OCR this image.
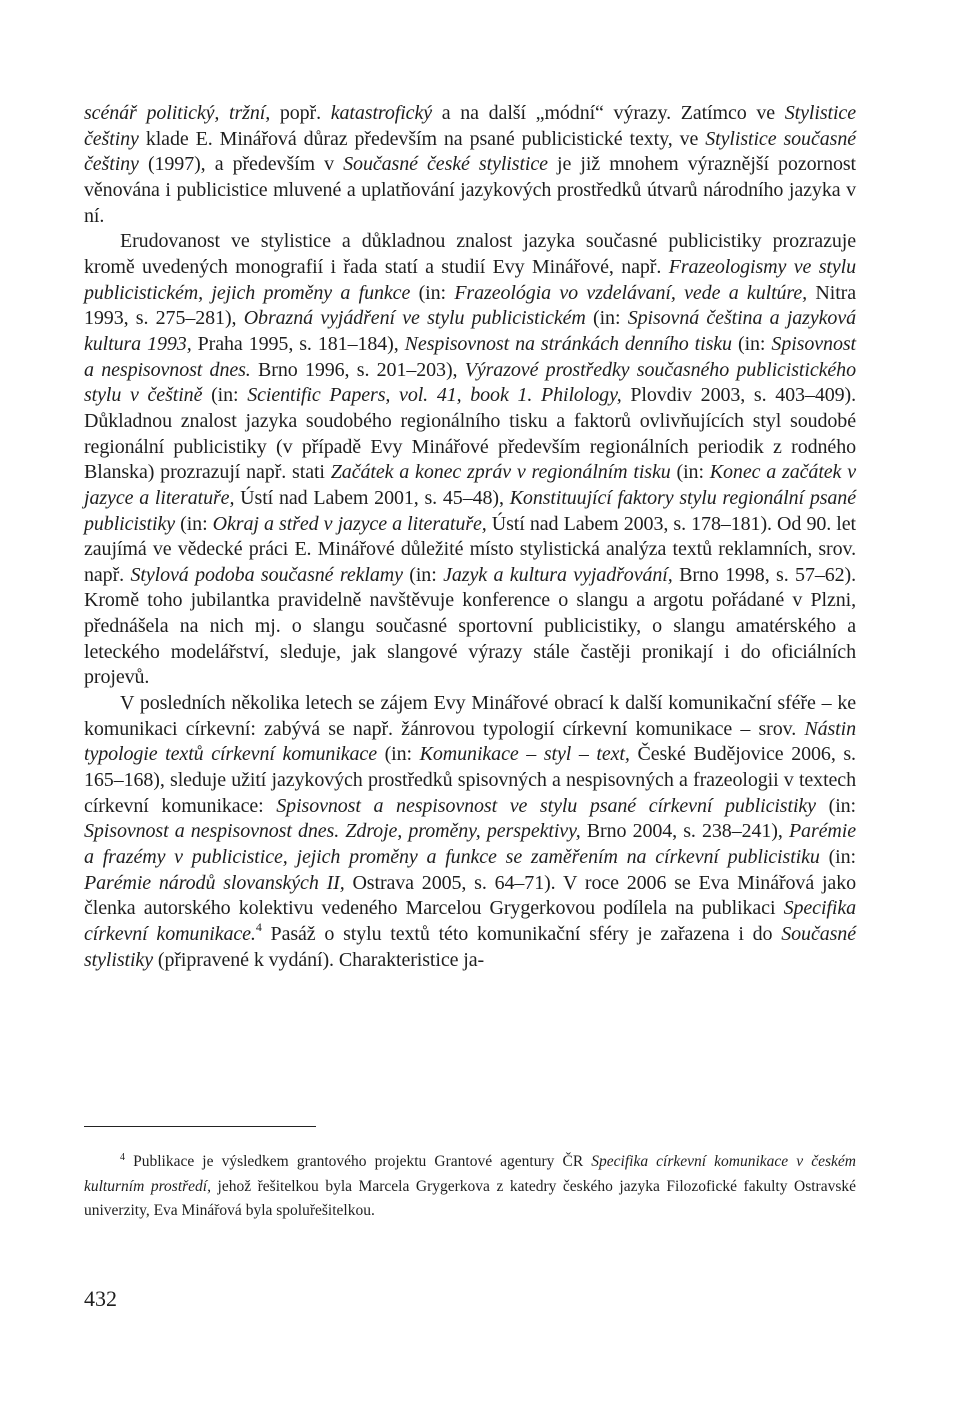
scénář politický, tržní, popř. katastrofický a na další „módní“ výrazy. Zatímco ve Stylistice češtiny klade E. Minářová důraz především na psané publicistické texty, ve Stylistice současné češtiny (1997), a především v Současné české stylistice je již mnohem výraznější pozornost věnována i publicistice mluvené a uplatňování jazykových prostředků útvarů národního jazyka v ní.

Erudovanost ve stylistice a důkladnou znalost jazyka současné publicistiky prozrazuje kromě uvedených monografií i řada statí a studií Evy Minářové, např. Frazeologismy ve stylu publicistickém, jejich proměny a funkce (in: Frazeológia vo vzdelávaní, vede a kultúre, Nitra 1993, s. 275–281), Obrazná vyjádření ve stylu publicistickém (in: Spisovná čeština a jazyková kultura 1993, Praha 1995, s. 181–184), Nespisovnost na stránkách denního tisku (in: Spisovnost a nespisovnost dnes. Brno 1996, s. 201–203), Výrazové prostředky současného publicistického stylu v češtině (in: Scientific Papers, vol. 41, book 1. Philology, Plovdiv 2003, s. 403–409). Důkladnou znalost jazyka soudobého regionálního tisku a faktorů ovlivňujících styl soudobé regionální publicistiky (v případě Evy Minářové především regionálních periodik z rodného Blanska) prozrazují např. stati Začátek a konec zpráv v regionálním tisku (in: Konec a začátek v jazyce a literatuře, Ústí nad Labem 2001, s. 45–48), Konstituující faktory stylu regionální psané publicistiky (in: Okraj a střed v jazyce a literatuře, Ústí nad Labem 2003, s. 178–181). Od 90. let zaujímá ve vědecké práci E. Minářové důležité místo stylistická analýza textů reklamních, srov. např. Stylová podoba současné reklamy (in: Jazyk a kultura vyjadřování, Brno 1998, s. 57–62). Kromě toho jubilantka pravidelně navštěvuje konference o slangu a argotu pořádané v Plzni, přednášela na nich mj. o slangu současné sportovní publicistiky, o slangu amatérského a leteckého modelářství, sleduje, jak slangové výrazy stále častěji pronikají i do oficiálních projevů.

V posledních několika letech se zájem Evy Minářové obrací k další komunikační sféře – ke komunikaci církevní: zabývá se např. žánrovou typologií církevní komunikace – srov. Nástin typologie textů církevní komunikace (in: Komunikace – styl – text, České Budějovice 2006, s. 165–168), sleduje užití jazykových prostředků spisovných a nespisovných a frazeologii v textech církevní komunikace: Spisovnost a nespisovnost ve stylu psané církevní publicistiky (in: Spisovnost a nespisovnost dnes. Zdroje, proměny, perspektivy, Brno 2004, s. 238–241), Parémie a frazémy v publicistice, jejich proměny a funkce se zaměřením na církevní publicistiku (in: Parémie národů slovanských II, Ostrava 2005, s. 64–71). V roce 2006 se Eva Minářová jako členka autorského kolektivu vedeného Marcelou Grygerkovou podílela na publikaci Specifika církevní komunikace.$^4$ Pasáž o stylu textů této komunikační sféry je zařazena i do Současné stylistiky (připravené k vydání). Charakteristice ja-

$^4$ Publikace je výsledkem grantového projektu Grantové agentury ČR Specifika církevní komunikace v českém kulturním prostředí, jehož řešitelkou byla Marcela Grygerkova z katedry českého jazyka Filozofické fakulty Ostravské univerzity, Eva Minářová byla spoluřešitelkou.

432
